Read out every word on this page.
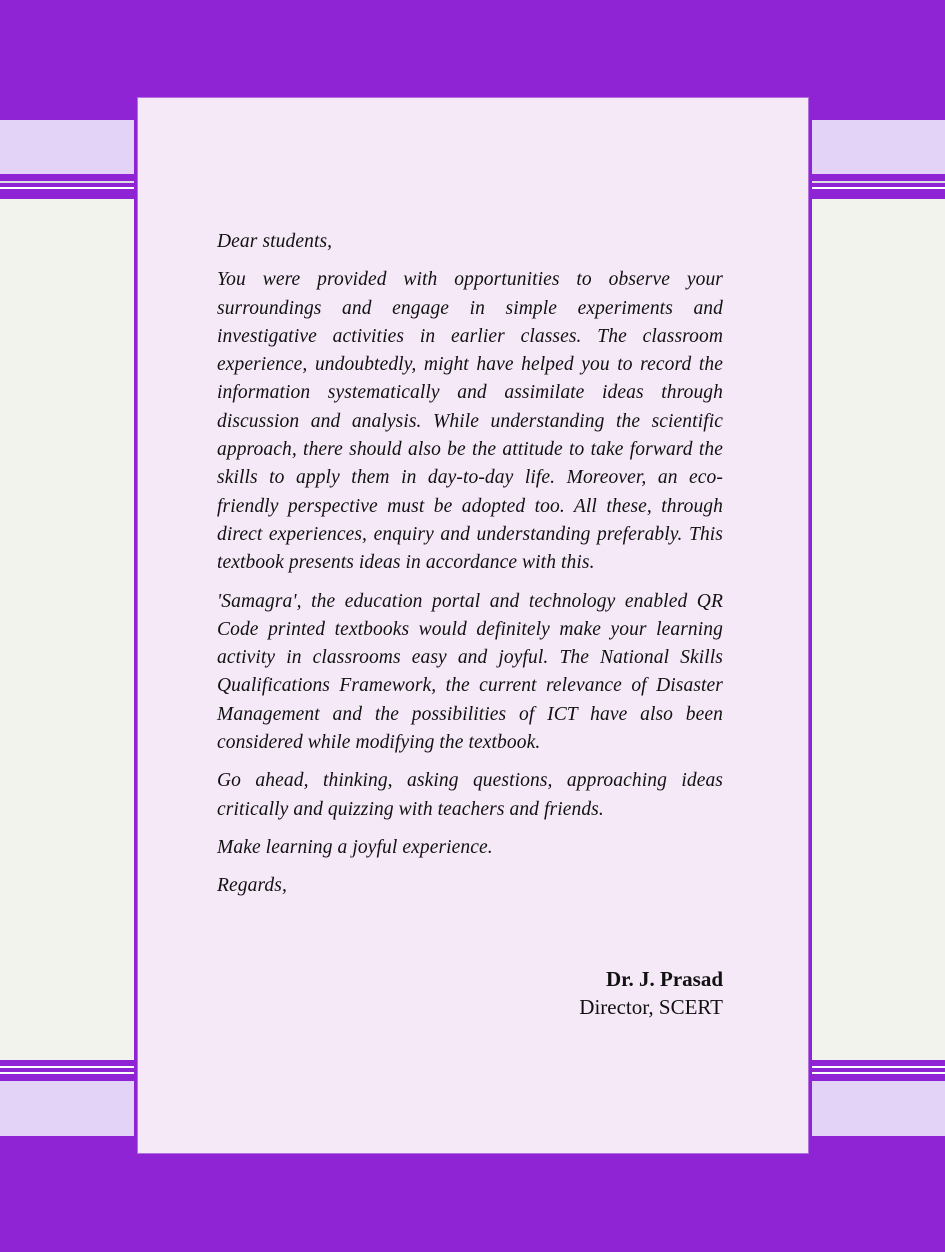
Dear students,

You were provided with opportunities to observe your surroundings and engage in simple experiments and investigative activities in earlier classes. The classroom experience, undoubtedly, might have helped you to record the information systematically and assimilate ideas through discussion and analysis. While understanding the scientific approach, there should also be the attitude to take forward the skills to apply them in day-to-day life. Moreover, an eco-friendly perspective must be adopted too. All these, through direct experiences, enquiry and understanding preferably. This textbook presents ideas in accordance with this.

'Samagra', the education portal and technology enabled QR Code printed textbooks would definitely make your learning activity in classrooms easy and joyful. The National Skills Qualifications Framework, the current relevance of Disaster Management and the possibilities of ICT have also been considered while modifying the textbook.

Go ahead, thinking, asking questions, approaching ideas critically and quizzing with teachers and friends.

Make learning a joyful experience.

Regards,

Dr. J. Prasad
Director, SCERT
